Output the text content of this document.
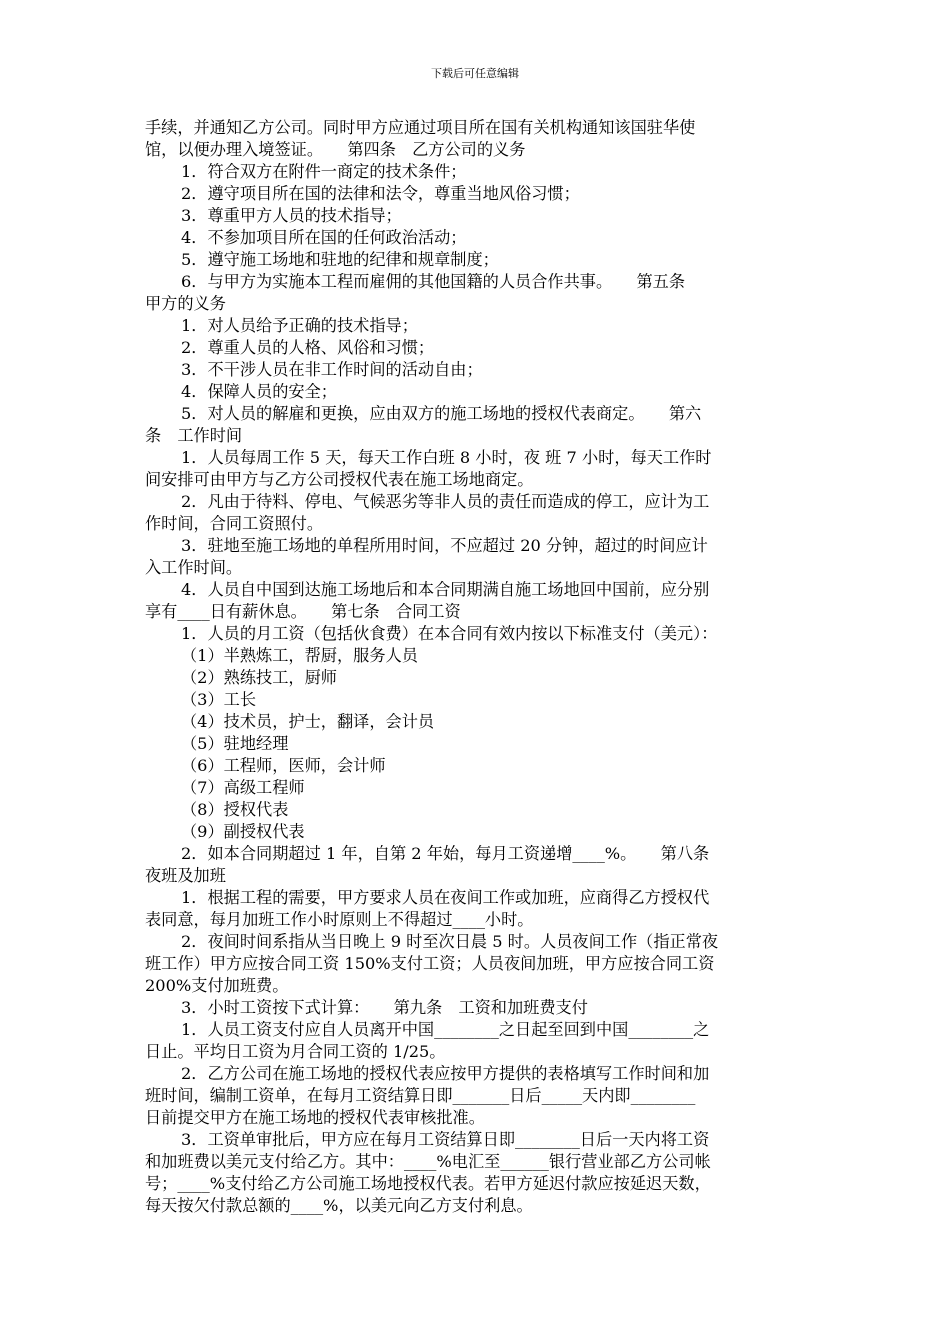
下载后可任意编辑
手续，并通知乙方公司。同时甲方应通过项目所在国有关机构通知该国驻华使
馆，以便办理入境签证。　　第四条　乙方公司的义务
1．符合双方在附件一商定的技术条件；
2．遵守项目所在国的法律和法令，尊重当地风俗习惯；
3．尊重甲方人员的技术指导；
4．不参加项目所在国的任何政治活动；
5．遵守施工场地和驻地的纪律和规章制度；
6．与甲方为实施本工程而雇佣的其他国籍的人员合作共事。　　第五条
甲方的义务
1．对人员给予正确的技术指导；
2．尊重人员的人格、风俗和习惯；
3．不干涉人员在非工作时间的活动自由；
4．保障人员的安全；
5．对人员的解雇和更换，应由双方的施工场地的授权代表商定。　　第六
条　工作时间
1．人员每周工作 5 天，每天工作白班 8 小时，夜 班 7 小时，每天工作时
间安排可由甲方与乙方公司授权代表在施工场地商定。
2．凡由于待料、停电、气候恶劣等非人员的责任而造成的停工，应计为工
作时间，合同工资照付。
3．驻地至施工场地的单程所用时间，不应超过 20 分钟，超过的时间应计
入工作时间。
4．人员自中国到达施工场地后和本合同期满自施工场地回中国前，应分别
享有____日有薪休息。　　第七条　合同工资
1．人员的月工资（包括伙食费）在本合同有效内按以下标准支付（美元）：
（1）半熟炼工，帮厨，服务人员
（2）熟练技工，厨师
（3）工长
（4）技术员，护士，翻译，会计员
（5）驻地经理
（6）工程师，医师，会计师
（7）高级工程师
（8）授权代表
（9）副授权代表
2．如本合同期超过 1 年，自第 2 年始，每月工资递增____%。　　第八条
夜班及加班
1．根据工程的需要，甲方要求人员在夜间工作或加班，应商得乙方授权代
表同意，每月加班工作小时原则上不得超过____小时。
2．夜间时间系指从当日晚上 9 时至次日晨 5 时。人员夜间工作（指正常夜
班工作）甲方应按合同工资 150%支付工资；人员夜间加班，甲方应按合同工资
200%支付加班费。
3．小时工资按下式计算：　　第九条　工资和加班费支付
1．人员工资支付应自人员离开中国________之日起至回到中国________之
日止。平均日工资为月合同工资的 1/25。
2．乙方公司在施工场地的授权代表应按甲方提供的表格填写工作时间和加
班时间，编制工资单，在每月工资结算日即_______日后_____天内即________
日前提交甲方在施工场地的授权代表审核批准。
3．工资单审批后，甲方应在每月工资结算日即________日后一天内将工资
和加班费以美元支付给乙方。其中：____%电汇至______银行营业部乙方公司帐
号；____%支付给乙方公司施工场地授权代表。若甲方延迟付款应按延迟天数，
每天按欠付款总额的____%，以美元向乙方支付利息。
